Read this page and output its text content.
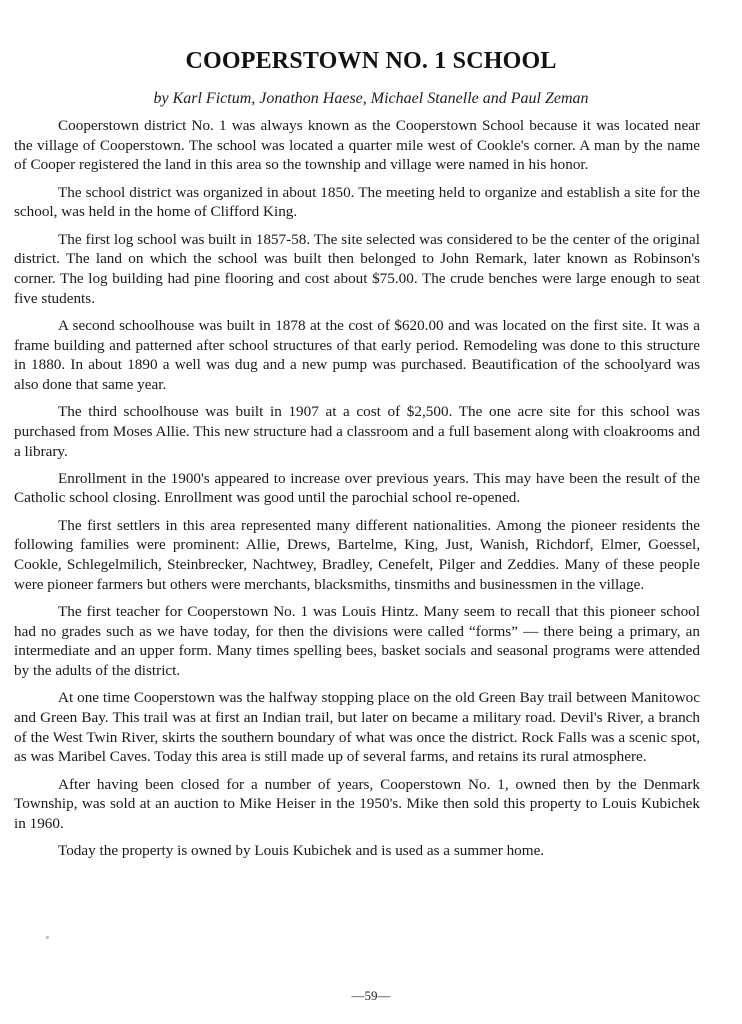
COOPERSTOWN NO. 1 SCHOOL

by Karl Fictum, Jonathon Haese, Michael Stanelle and Paul Zeman

Cooperstown district No. 1 was always known as the Cooperstown School because it was located near the village of Cooperstown. The school was located a quarter mile west of Cookle's corner. A man by the name of Cooper registered the land in this area so the township and village were named in his honor.

The school district was organized in about 1850. The meeting held to organize and establish a site for the school, was held in the home of Clifford King.

The first log school was built in 1857-58. The site selected was considered to be the center of the original district. The land on which the school was built then belonged to John Remark, later known as Robinson's corner. The log building had pine flooring and cost about $75.00. The crude benches were large enough to seat five students.

A second schoolhouse was built in 1878 at the cost of $620.00 and was located on the first site. It was a frame building and patterned after school structures of that early period. Remodeling was done to this structure in 1880. In about 1890 a well was dug and a new pump was purchased. Beautification of the schoolyard was also done that same year.

The third schoolhouse was built in 1907 at a cost of $2,500. The one acre site for this school was purchased from Moses Allie. This new structure had a classroom and a full basement along with cloakrooms and a library.

Enrollment in the 1900's appeared to increase over previous years. This may have been the result of the Catholic school closing. Enrollment was good until the parochial school re-opened.

The first settlers in this area represented many different nationalities. Among the pioneer residents the following families were prominent: Allie, Drews, Bartelme, King, Just, Wanish, Richdorf, Elmer, Goessel, Cookle, Schlegelmilich, Steinbrecker, Nachtwey, Bradley, Cenefelt, Pilger and Zeddies. Many of these people were pioneer farmers but others were merchants, blacksmiths, tinsmiths and businessmen in the village.

The first teacher for Cooperstown No. 1 was Louis Hintz. Many seem to recall that this pioneer school had no grades such as we have today, for then the divisions were called “forms” — there being a primary, an intermediate and an upper form. Many times spelling bees, basket socials and seasonal programs were attended by the adults of the district.

At one time Cooperstown was the halfway stopping place on the old Green Bay trail between Manitowoc and Green Bay. This trail was at first an Indian trail, but later on became a military road. Devil's River, a branch of the West Twin River, skirts the southern boundary of what was once the district. Rock Falls was a scenic spot, as was Maribel Caves. Today this area is still made up of several farms, and retains its rural atmosphere.

After having been closed for a number of years, Cooperstown No. 1, owned then by the Denmark Township, was sold at an auction to Mike Heiser in the 1950's. Mike then sold this property to Louis Kubichek in 1960.

Today the property is owned by Louis Kubichek and is used as a summer home.

—59—
